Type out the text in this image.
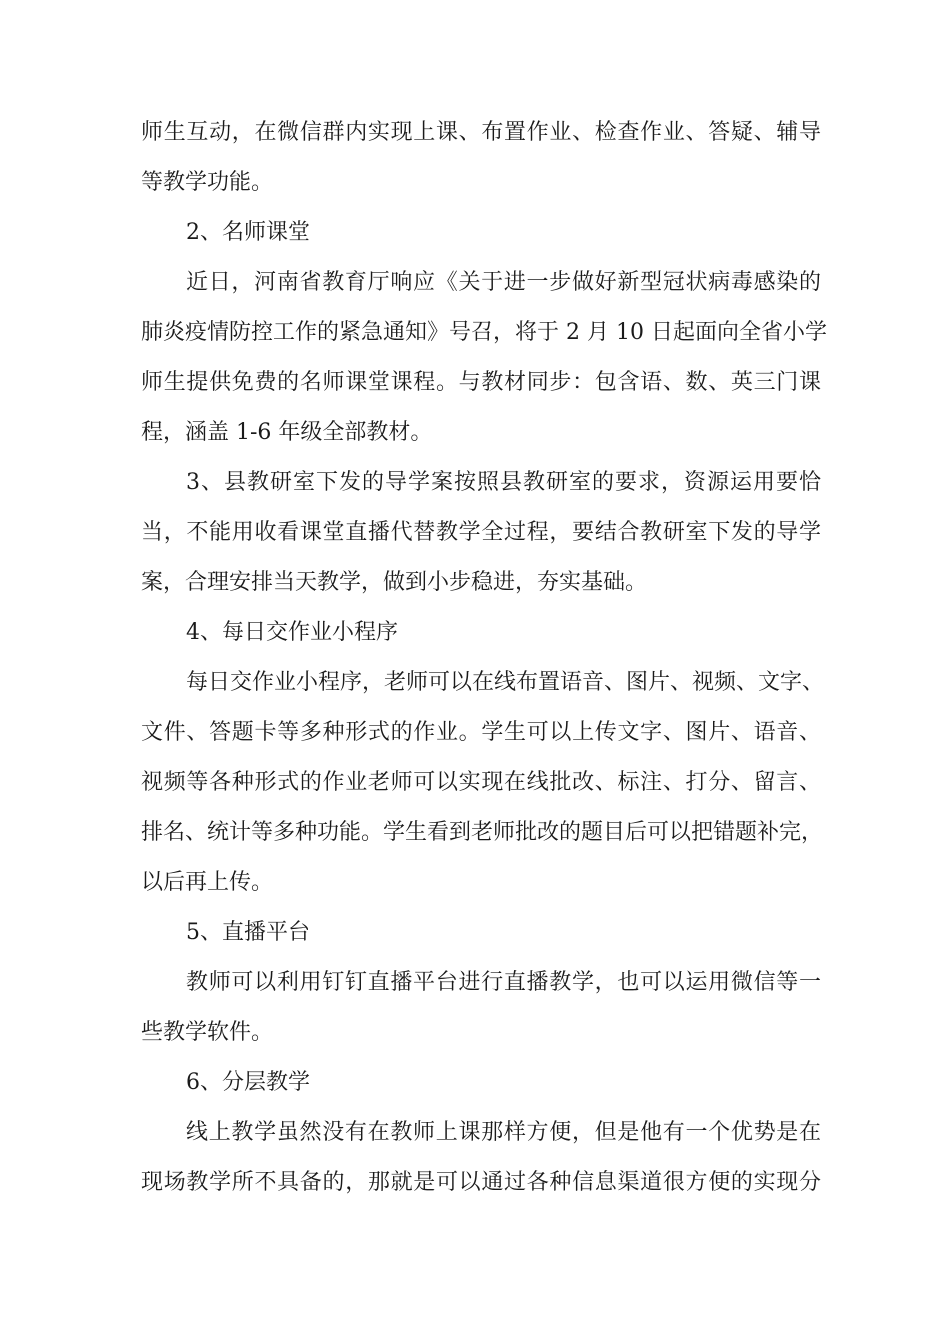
师生互动，在微信群内实现上课、布置作业、检查作业、答疑、辅导
等教学功能。
2、名师课堂
近日，河南省教育厅响应《关于进一步做好新型冠状病毒感染的
肺炎疫情防控工作的紧急通知》号召，将于 2 月 10 日起面向全省小学
师生提供免费的名师课堂课程。与教材同步：包含语、数、英三门课
程，涵盖 1-6 年级全部教材。
3、县教研室下发的导学案按照县教研室的要求，资源运用要恰
当，不能用收看课堂直播代替教学全过程，要结合教研室下发的导学
案，合理安排当天教学，做到小步稳进，夯实基础。
4、每日交作业小程序
每日交作业小程序，老师可以在线布置语音、图片、视频、文字、
文件、答题卡等多种形式的作业。学生可以上传文字、图片、语音、
视频等各种形式的作业老师可以实现在线批改、标注、打分、留言、
排名、统计等多种功能。学生看到老师批改的题目后可以把错题补完，
以后再上传。
5、直播平台
教师可以利用钉钉直播平台进行直播教学，也可以运用微信等一
些教学软件。
6、分层教学
线上教学虽然没有在教师上课那样方便，但是他有一个优势是在
现场教学所不具备的，那就是可以通过各种信息渠道很方便的实现分
